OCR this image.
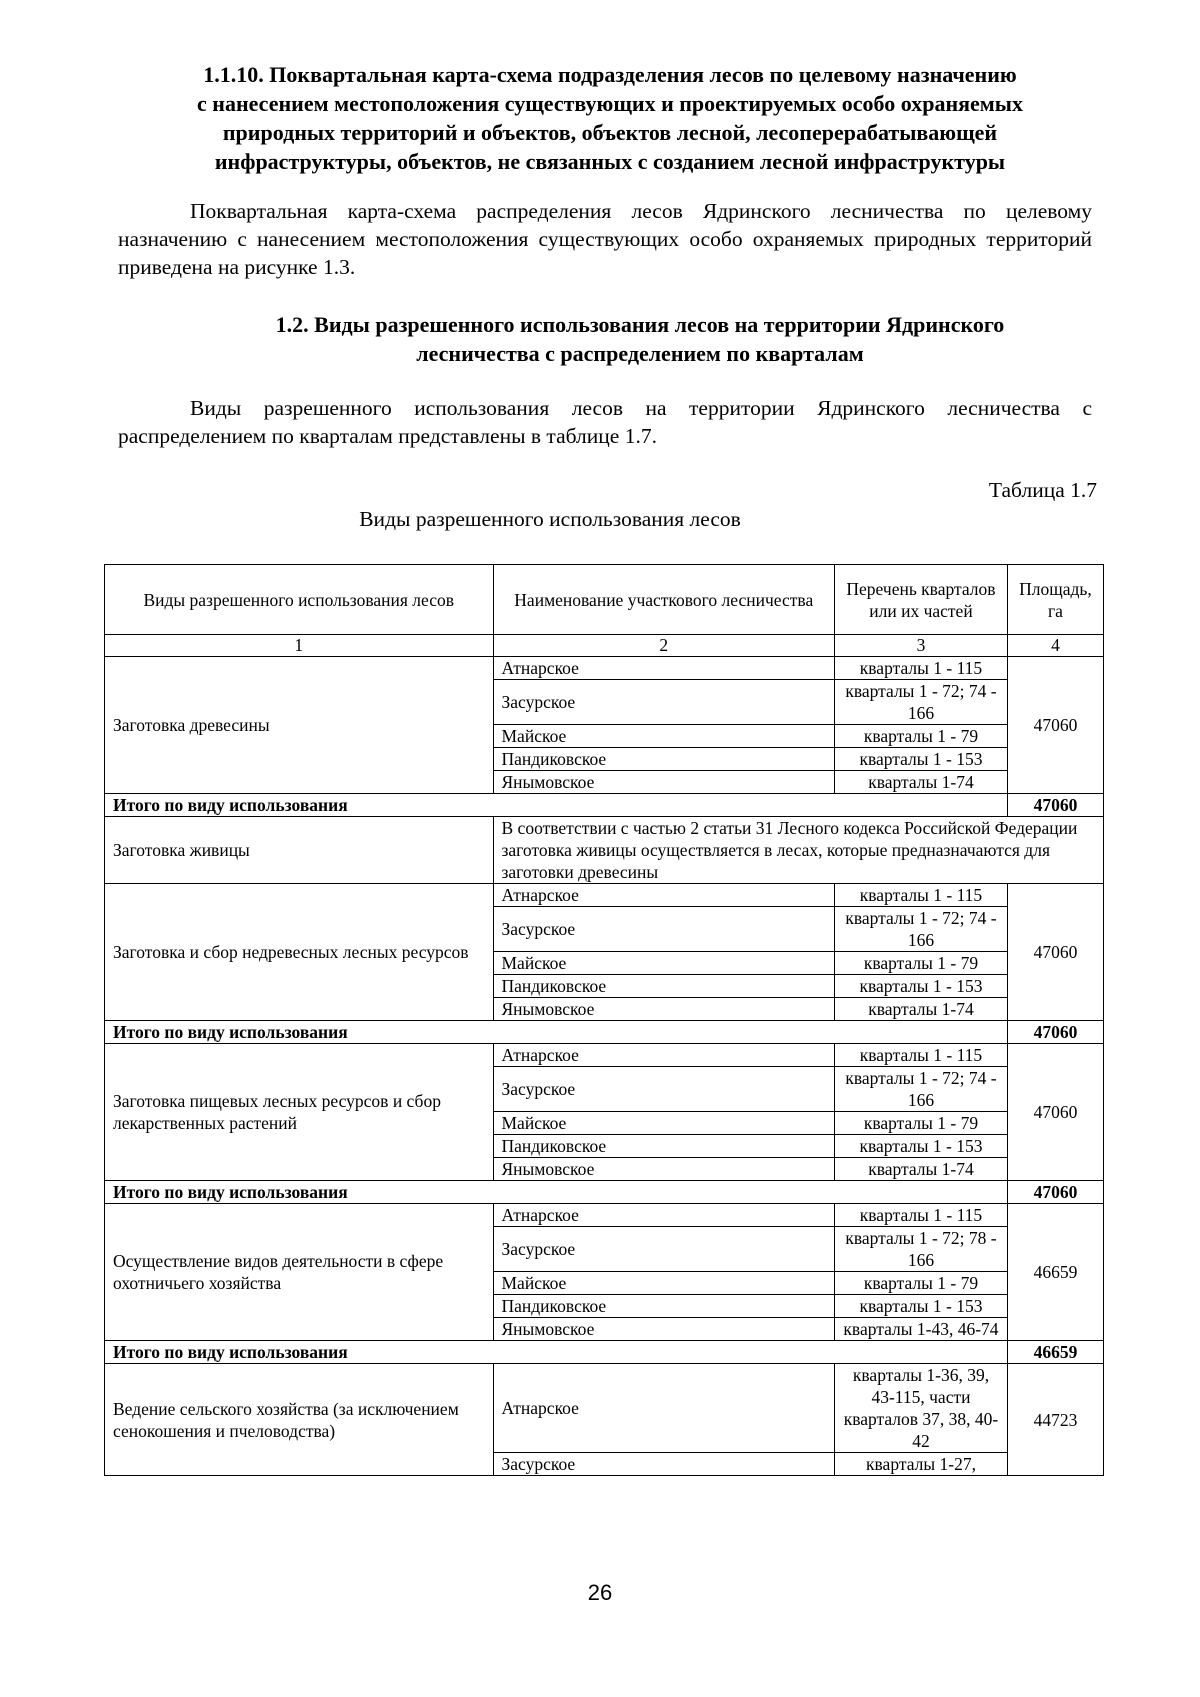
1.1.10. Поквартальная карта-схема подразделения лесов по целевому назначению
с нанесением местоположения существующих и проектируемых особо охраняемых
природных территорий и объектов, объектов лесной, лесоперерабатывающей
инфраструктуры, объектов, не связанных с созданием лесной инфраструктуры
Поквартальная карта-схема распределения лесов Ядринского лесничества по целевому назначению с нанесением местоположения существующих особо охраняемых природных территорий приведена на рисунке 1.3.
1.2. Виды разрешенного использования лесов на территории Ядринского
лесничества с распределением по кварталам
Виды разрешенного использования лесов на территории Ядринского лесничества с распределением по кварталам представлены в таблице 1.7.
Таблица 1.7
Виды разрешенного использования лесов
Виды разрешенного использования лесов	Наименование участкового лесничества	Перечень кварталов или их частей	Площадь, га
1	2	3	4
Заготовка древесины	Атнарское	кварталы 1 - 115	47060
	Засурское	кварталы 1 - 72; 74 - 166	
	Майское	кварталы 1 - 79	
	Пандиковское	кварталы 1 - 153	
	Янымовское	кварталы 1-74	
Итого по виду использования			47060
Заготовка живицы	В соответствии с частью 2 статьи 31 Лесного кодекса Российской Федерации заготовка живицы осуществляется в лесах, которые предназначаются для заготовки древесины		
Заготовка и сбор недревесных лесных ресурсов	Атнарское	кварталы 1 - 115	47060
	Засурское	кварталы 1 - 72; 74 - 166	
	Майское	кварталы 1 - 79	
	Пандиковское	кварталы 1 - 153	
	Янымовское	кварталы 1-74	
Итого по виду использования			47060
Заготовка пищевых лесных ресурсов и сбор лекарственных растений	Атнарское	кварталы 1 - 115	47060
	Засурское	кварталы 1 - 72; 74 - 166	
	Майское	кварталы 1 - 79	
	Пандиковское	кварталы 1 - 153	
	Янымовское	кварталы 1-74	
Итого по виду использования			47060
Осуществление видов деятельности в сфере охотничьего хозяйства	Атнарское	кварталы 1 - 115	46659
	Засурское	кварталы 1 - 72; 78 - 166	
	Майское	кварталы 1 - 79	
	Пандиковское	кварталы 1 - 153	
	Янымовское	кварталы 1-43, 46-74	
Итого по виду использования			46659
Ведение сельского хозяйства (за исключением сенокошения и пчеловодства)	Атнарское	кварталы 1-36, 39, 43-115, части кварталов 37, 38, 40-42	44723
	Засурское	кварталы 1-27,	
26
